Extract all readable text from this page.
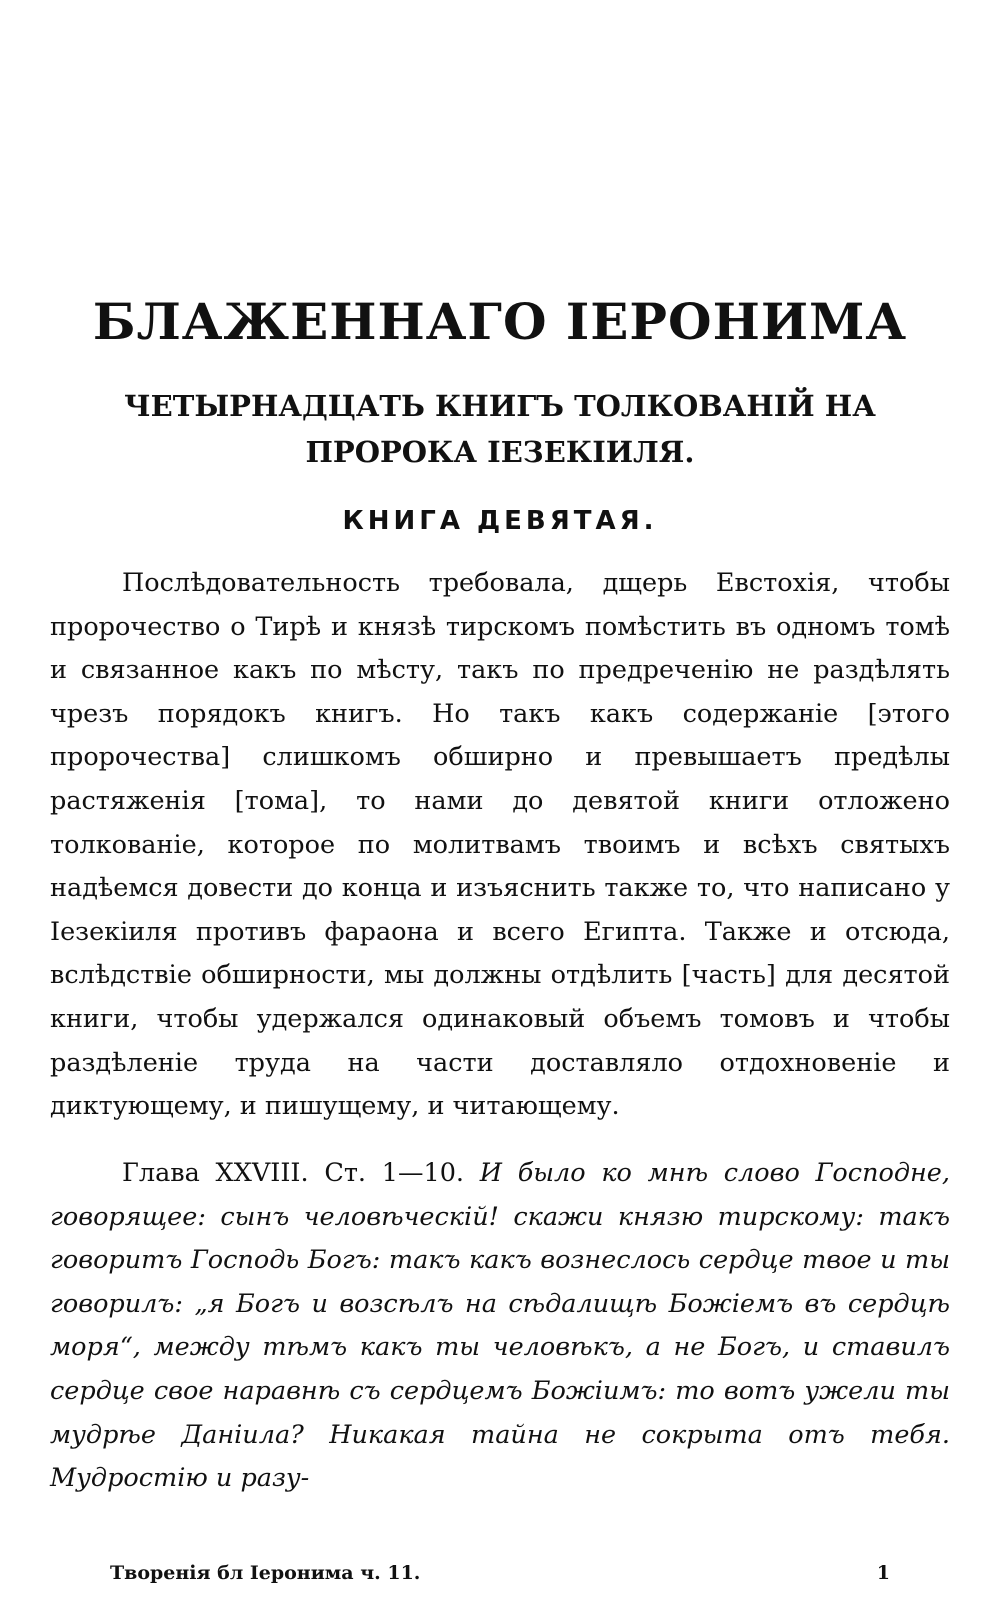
БЛАЖЕННАГО ІЕРОНИМА
ЧЕТЫРНАДЦАТЬ КНИГЪ ТОЛКОВАНІЙ НА ПРОРОКА ІЕЗЕКІИЛЯ.
КНИГА ДЕВЯТАЯ.

Послѣдовательность требовала, дщерь Евстохія, чтобы пророчество о Тирѣ и князѣ тирскомъ помѣстить въ одномъ томѣ и связанное какъ по мѣсту, такъ по предреченію не раздѣлять чрезъ порядокъ книгъ. Но такъ какъ содержаніе [этого пророчества] слишкомъ обширно и превышаетъ предѣлы растяженія [тома], то нами до девятой книги отложено толкованіе, которое по молитвамъ твоимъ и всѣхъ святыхъ надѣемся довести до конца и изъяснить также то, что написано у Іезекіиля противъ фараона и всего Египта. Также и отсюда, вслѣдствіе обширности, мы должны отдѣлить [часть] для десятой книги, чтобы удержался одинаковый объемъ томовъ и чтобы раздѣленіе труда на части доставляло отдохновеніе и диктующему, и пишущему, и читающему.

Глава XXVIII. Ст. 1—10. И было ко мнѣ слово Господне, говорящее: сынъ человѣческій! скажи князю тирскому: такъ говоритъ Господь Богъ: такъ какъ вознеслось сердце твое и ты говорилъ: „я Богъ и возсѣлъ на сѣдалищѣ Божіемъ въ сердцѣ моря“, между тѣмъ какъ ты человѣкъ, а не Богъ, и ставилъ сердце свое наравнѣ съ сердцемъ Божіимъ: то вотъ ужели ты мудрѣе Даніила? Никакая тайна не сокрыта отъ тебя. Мудростію и разу-

Творенія бл Іеронима ч. 11.	1
